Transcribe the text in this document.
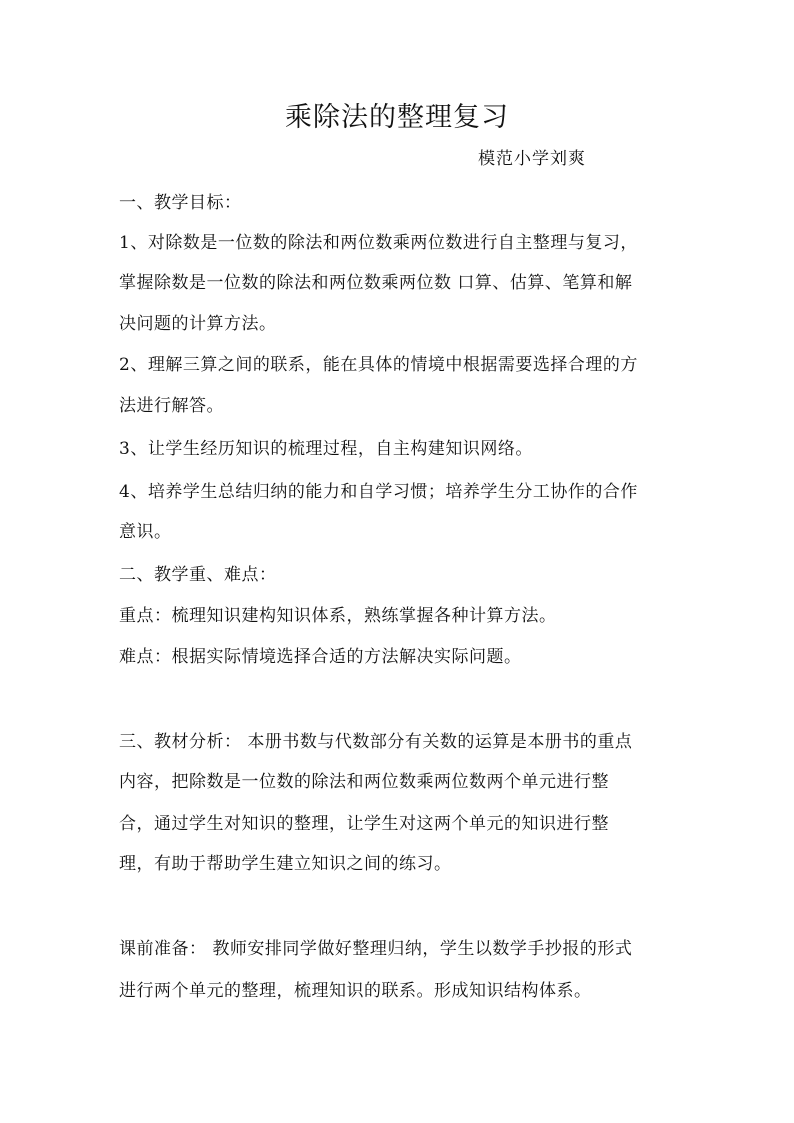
乘除法的整理复习
模范小学刘爽
一、教学目标：
1、对除数是一位数的除法和两位数乘两位数进行自主整理与复习，
掌握除数是一位数的除法和两位数乘两位数 口算、估算、笔算和解
决问题的计算方法。
2、理解三算之间的联系，能在具体的情境中根据需要选择合理的方
法进行解答。
3、让学生经历知识的梳理过程，自主构建知识网络。
4、培养学生总结归纳的能力和自学习惯；培养学生分工协作的合作
意识。
二、教学重、难点：
重点：梳理知识建构知识体系，熟练掌握各种计算方法。
难点：根据实际情境选择合适的方法解决实际问题。
三、教材分析： 本册书数与代数部分有关数的运算是本册书的重点
内容，把除数是一位数的除法和两位数乘两位数两个单元进行整
合，通过学生对知识的整理，让学生对这两个单元的知识进行整
理，有助于帮助学生建立知识之间的练习。
课前准备： 教师安排同学做好整理归纳，学生以数学手抄报的形式
进行两个单元的整理，梳理知识的联系。形成知识结构体系。
